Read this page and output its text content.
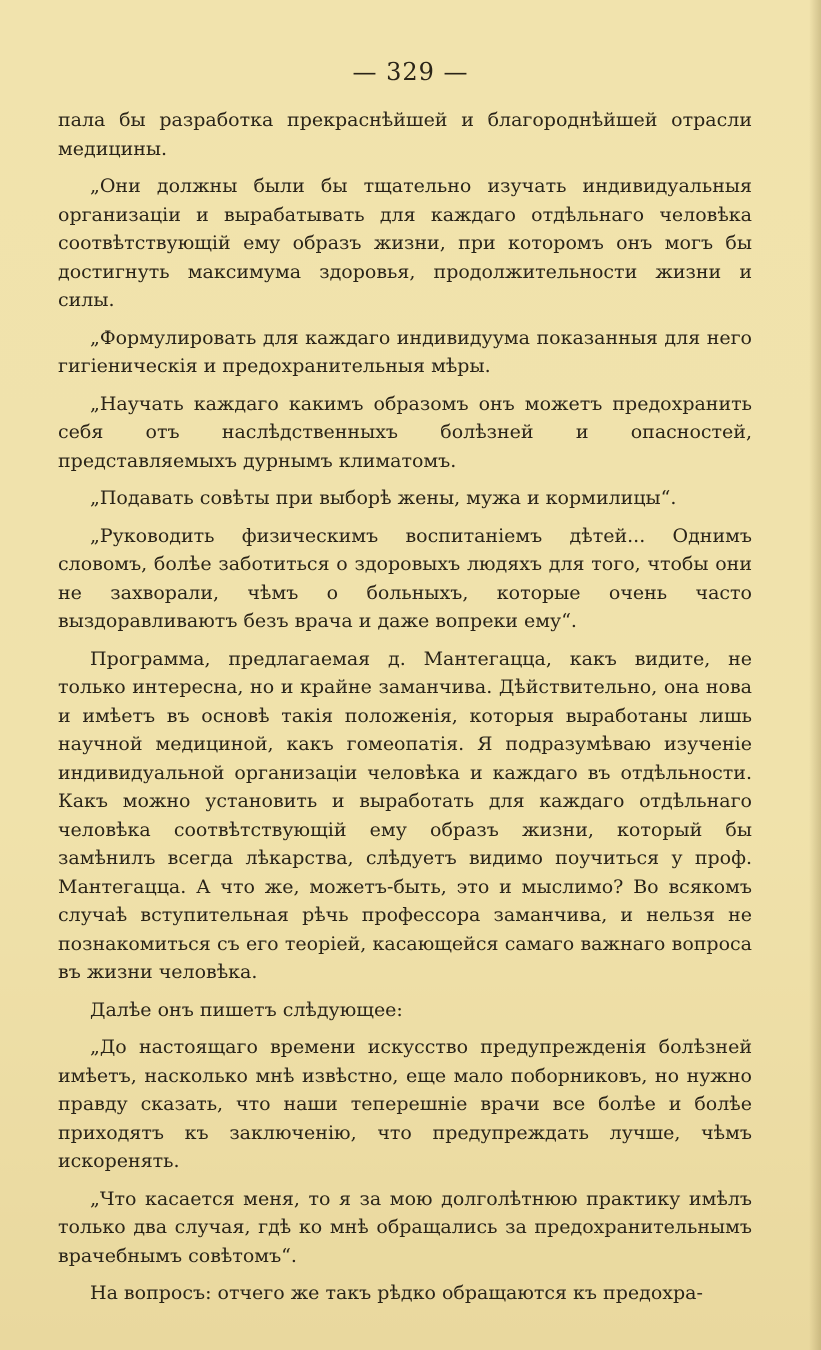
— 329 —

пала бы разработка прекраснѣйшей и благороднѣйшей отрасли медицины.

„Они должны были бы тщательно изучать индивидуальныя организаціи и вырабатывать для каждаго отдѣльнаго человѣка соотвѣтствующій ему образъ жизни, при которомъ онъ могъ бы достигнуть максимума здоровья, продолжительности жизни и силы.

„Формулировать для каждаго индивидуума показанныя для него гигіеническія и предохранительныя мѣры.

„Научать каждаго какимъ образомъ онъ можетъ предохранить себя отъ наслѣдственныхъ болѣзней и опасностей, представляемыхъ дурнымъ климатомъ.

„Подавать совѣты при выборѣ жены, мужа и кормилицы“.

„Руководить физическимъ воспитаніемъ дѣтей... Однимъ словомъ, болѣе заботиться о здоровыхъ людяхъ для того, чтобы они не захворали, чѣмъ о больныхъ, которые очень часто выздоравливаютъ безъ врача и даже вопреки ему“.

Программа, предлагаемая д. Мантегацца, какъ видите, не только интересна, но и крайне заманчива. Дѣйствительно, она нова и имѣетъ въ основѣ такія положенія, которыя выработаны лишь научной медициной, какъ гомеопатія. Я подразумѣваю изученіе индивидуальной организаціи человѣка и каждаго въ отдѣльности. Какъ можно установить и выработать для каждаго отдѣльнаго человѣка соотвѣтствующій ему образъ жизни, который бы замѣнилъ всегда лѣкарства, слѣдуетъ видимо поучиться у проф. Мантегацца. А что же, можетъ-быть, это и мыслимо? Во всякомъ случаѣ вступительная рѣчь профессора заманчива, и нельзя не познакомиться съ его теоріей, касающейся самаго важнаго вопроса въ жизни человѣка.

Далѣе онъ пишетъ слѣдующее:

„До настоящаго времени искусство предупрежденія болѣзней имѣетъ, насколько мнѣ извѣстно, еще мало поборниковъ, но нужно правду сказать, что наши теперешніе врачи все болѣе и болѣе приходятъ къ заключенію, что предупреждать лучше, чѣмъ искоренять.

„Что касается меня, то я за мою долголѣтнюю практику имѣлъ только два случая, гдѣ ко мнѣ обращались за предохранительнымъ врачебнымъ совѣтомъ“.

На вопросъ: отчего же такъ рѣдко обращаются къ предохра-
